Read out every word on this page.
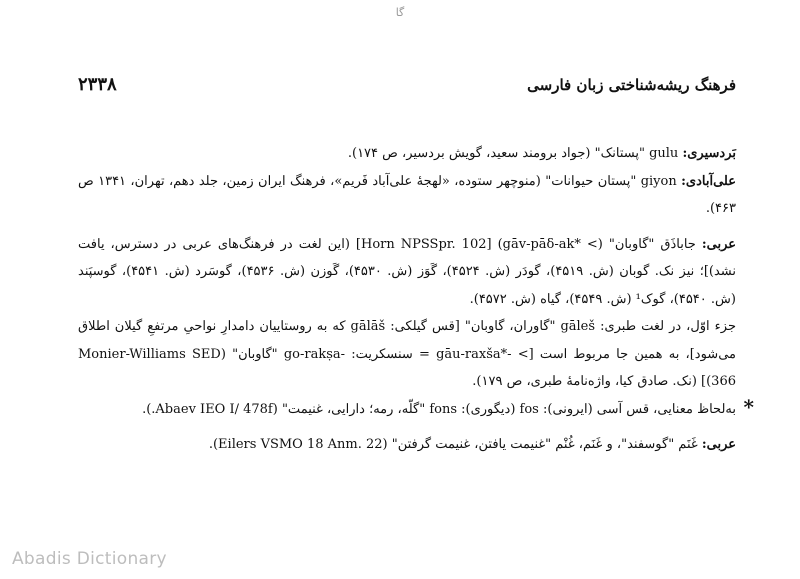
گا
فرهنگ ریشه‌شناختی زبان فارسی
۲۳۳۸

بَردسیری: gulu "پستانک" (جواد برومند سعید، گویش بردسیر، ص ۱۷۴).

علی‌آبادی: giyon "پستان حیوانات" (منوچهر ستوده، «لهجهٔ علی‌آباد فَریم»، فرهنگ ایران زمین، جلد دهم، تهران، ۱۳۴۱ ص ۴۶۳).

عربی: جاباذَق "گاوبان" (> *gāv-pāδ-ak) [Horn NPSSpr. 102] (این لغت در فرهنگ‌های عربی در دسترس، یافت نشد)]؛ نیز نک. گوبان (ش. ۴۵۱۹)، گودَر (ش. ۴۵۲۴)، گَوَز (ش. ۴۵۳۰)، گَوزن (ش. ۴۵۳۶)، گوسَرد (ش. ۴۵۴۱)، گوسپَند (ش. ۴۵۴۰)، گوک¹ (ش. ۴۵۴۹)، گیاه (ش. ۴۵۷۲).

جزء اوّل، در لغت طبری: gāleš "گاوران، گاوبان" [قس گیلکی: gālāš که به روستاییان دامدارِ نواحیِ مرتفعِ گیلان اطلاق می‌شود]، به همین جا مربوط است [> -*gāu-raxša = سنسکریت: -go-rakṣa "گاوبان" (Monier-Williams SED 366)] (نک. صادق کیا، واژه‌نامهٔ طبری، ص ۱۷۹).

*
به‌لحاظ معنایی، قس آسی (ایرونی): fos (دیگوری): fons "گلّه، رمه؛ دارایی، غنیمت" (Abaev IEO I/ 478f.).

عربی: غَنَم "گوسفند"، و غَنَم، غُنْم "غنیمت یافتن، غنیمت گرفتن" (Eilers VSMO 18 Anm. 22).

Abadis Dictionary
